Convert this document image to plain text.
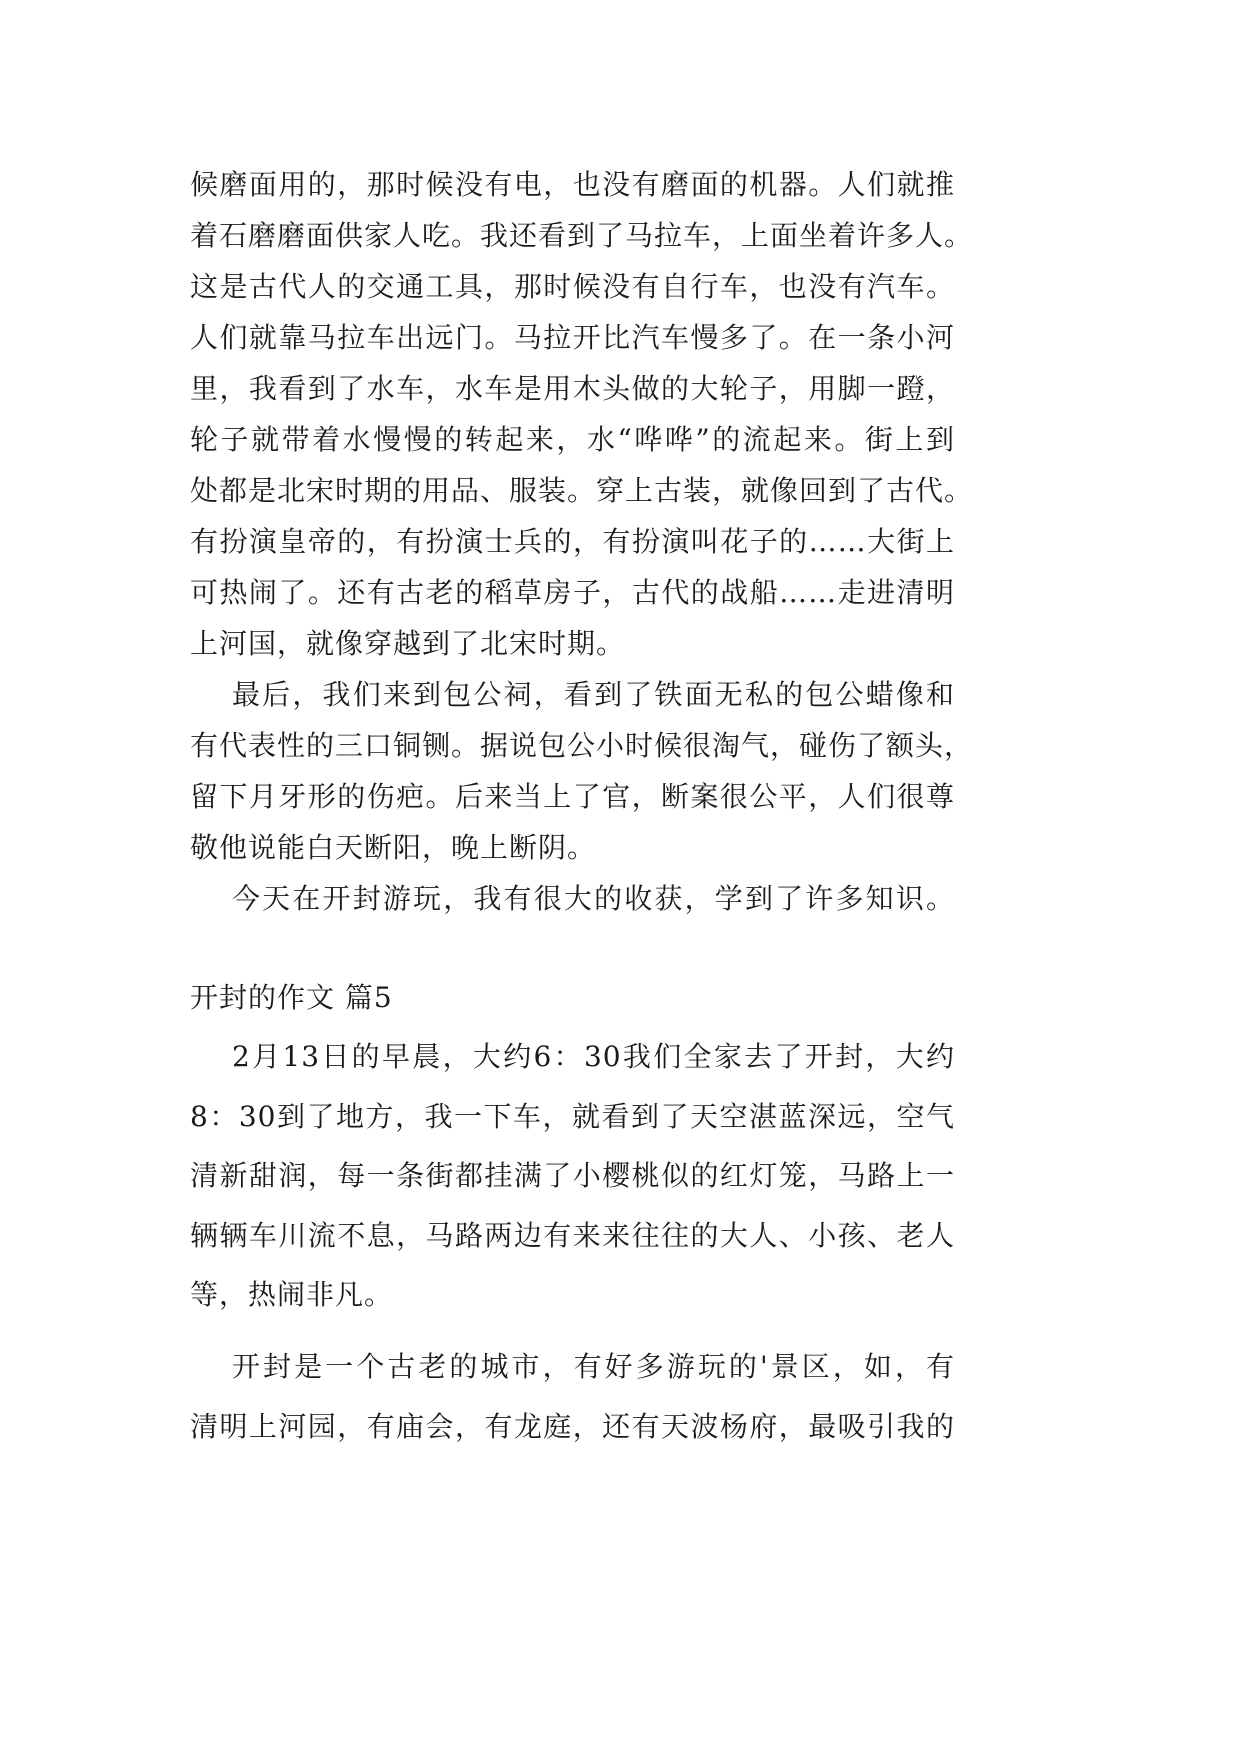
候磨面用的，那时候没有电，也没有磨面的机器。人们就推
着石磨磨面供家人吃。我还看到了马拉车，上面坐着许多人。
这是古代人的交通工具，那时候没有自行车，也没有汽车。
人们就靠马拉车出远门。马拉开比汽车慢多了。在一条小河
里，我看到了水车，水车是用木头做的大轮子，用脚一蹬，
轮子就带着水慢慢的转起来，水“哗哗”的流起来。街上到
处都是北宋时期的用品、服装。穿上古装，就像回到了古代。
有扮演皇帝的，有扮演士兵的，有扮演叫花子的……大街上
可热闹了。还有古老的稻草房子，古代的战船……走进清明
上河国，就像穿越到了北宋时期。
最后，我们来到包公祠，看到了铁面无私的包公蜡像和
有代表性的三口铜铡。据说包公小时候很淘气，碰伤了额头，
留下月牙形的伤疤。后来当上了官，断案很公平，人们很尊
敬他说能白天断阳，晚上断阴。
今天在开封游玩，我有很大的收获，学到了许多知识。
开封的作文 篇5
2月13日的早晨，大约6：30我们全家去了开封，大约
8：30到了地方，我一下车，就看到了天空湛蓝深远，空气
清新甜润，每一条街都挂满了小樱桃似的红灯笼，马路上一
辆辆车川流不息，马路两边有来来往往的大人、小孩、老人
等，热闹非凡。
开封是一个古老的城市，有好多游玩的'景区，如，有
清明上河园，有庙会，有龙庭，还有天波杨府，最吸引我的
